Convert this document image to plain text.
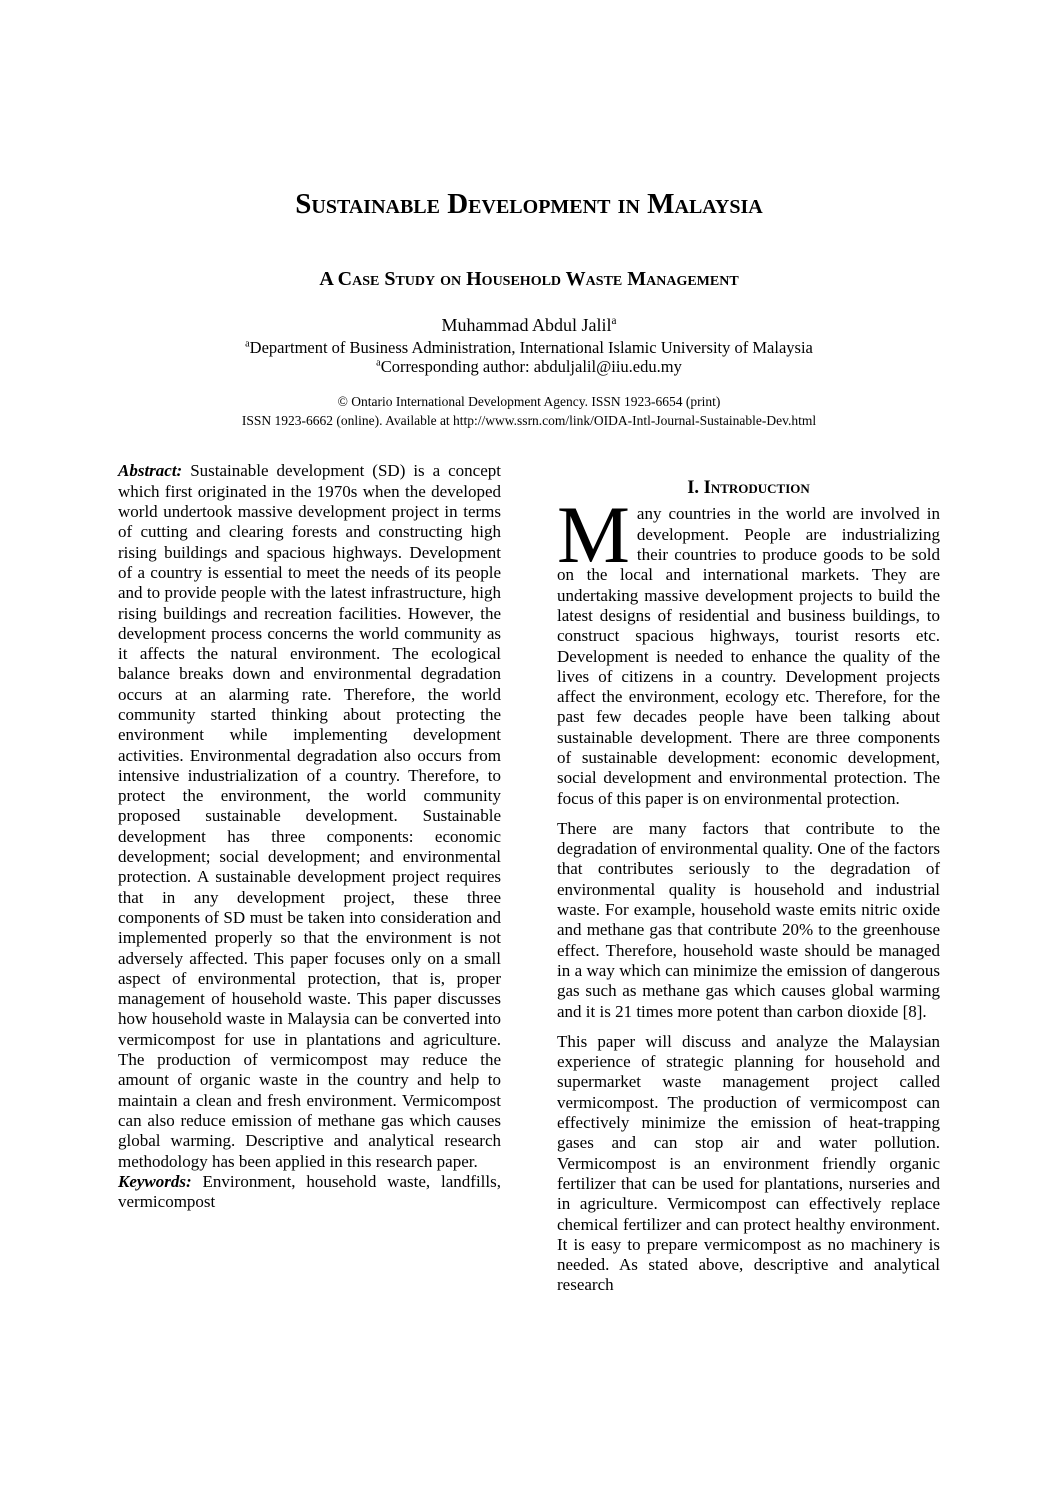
Sustainable Development in Malaysia
A Case Study on Household Waste Management
Muhammad Abdul Jalil$^a$
$^a$Department of Business Administration, International Islamic University of Malaysia
$^a$Corresponding author: abduljalil@iiu.edu.my
© Ontario International Development Agency. ISSN 1923-6654 (print)
ISSN 1923-6662 (online). Available at http://www.ssrn.com/link/OIDA-Intl-Journal-Sustainable-Dev.html

Abstract: Sustainable development (SD) is a concept which first originated in the 1970s when the developed world undertook massive development project in terms of cutting and clearing forests and constructing high rising buildings and spacious highways. Development of a country is essential to meet the needs of its people and to provide people with the latest infrastructure, high rising buildings and recreation facilities. However, the development process concerns the world community as it affects the natural environment. The ecological balance breaks down and environmental degradation occurs at an alarming rate. Therefore, the world community started thinking about protecting the environment while implementing development activities. Environmental degradation also occurs from intensive industrialization of a country. Therefore, to protect the environment, the world community proposed sustainable development. Sustainable development has three components: economic development; social development; and environmental protection. A sustainable development project requires that in any development project, these three components of SD must be taken into consideration and implemented properly so that the environment is not adversely affected. This paper focuses only on a small aspect of environmental protection, that is, proper management of household waste. This paper discusses how household waste in Malaysia can be converted into vermicompost for use in plantations and agriculture. The production of vermicompost may reduce the amount of organic waste in the country and help to maintain a clean and fresh environment. Vermicompost can also reduce emission of methane gas which causes global warming. Descriptive and analytical research methodology has been applied in this research paper.

Keywords: Environment, household waste, landfills, vermicompost

I. Introduction

Many countries in the world are involved in development. People are industrializing their countries to produce goods to be sold on the local and international markets. They are undertaking massive development projects to build the latest designs of residential and business buildings, to construct spacious highways, tourist resorts etc. Development is needed to enhance the quality of the lives of citizens in a country. Development projects affect the environment, ecology etc. Therefore, for the past few decades people have been talking about sustainable development. There are three components of sustainable development: economic development, social development and environmental protection. The focus of this paper is on environmental protection.

There are many factors that contribute to the degradation of environmental quality. One of the factors that contributes seriously to the degradation of environmental quality is household and industrial waste. For example, household waste emits nitric oxide and methane gas that contribute 20% to the greenhouse effect. Therefore, household waste should be managed in a way which can minimize the emission of dangerous gas such as methane gas which causes global warming and it is 21 times more potent than carbon dioxide [8].

This paper will discuss and analyze the Malaysian experience of strategic planning for household and supermarket waste management project called vermicompost. The production of vermicompost can effectively minimize the emission of heat-trapping gases and can stop air and water pollution. Vermicompost is an environment friendly organic fertilizer that can be used for plantations, nurseries and in agriculture. Vermicompost can effectively replace chemical fertilizer and can protect healthy environment. It is easy to prepare vermicompost as no machinery is needed. As stated above, descriptive and analytical research
